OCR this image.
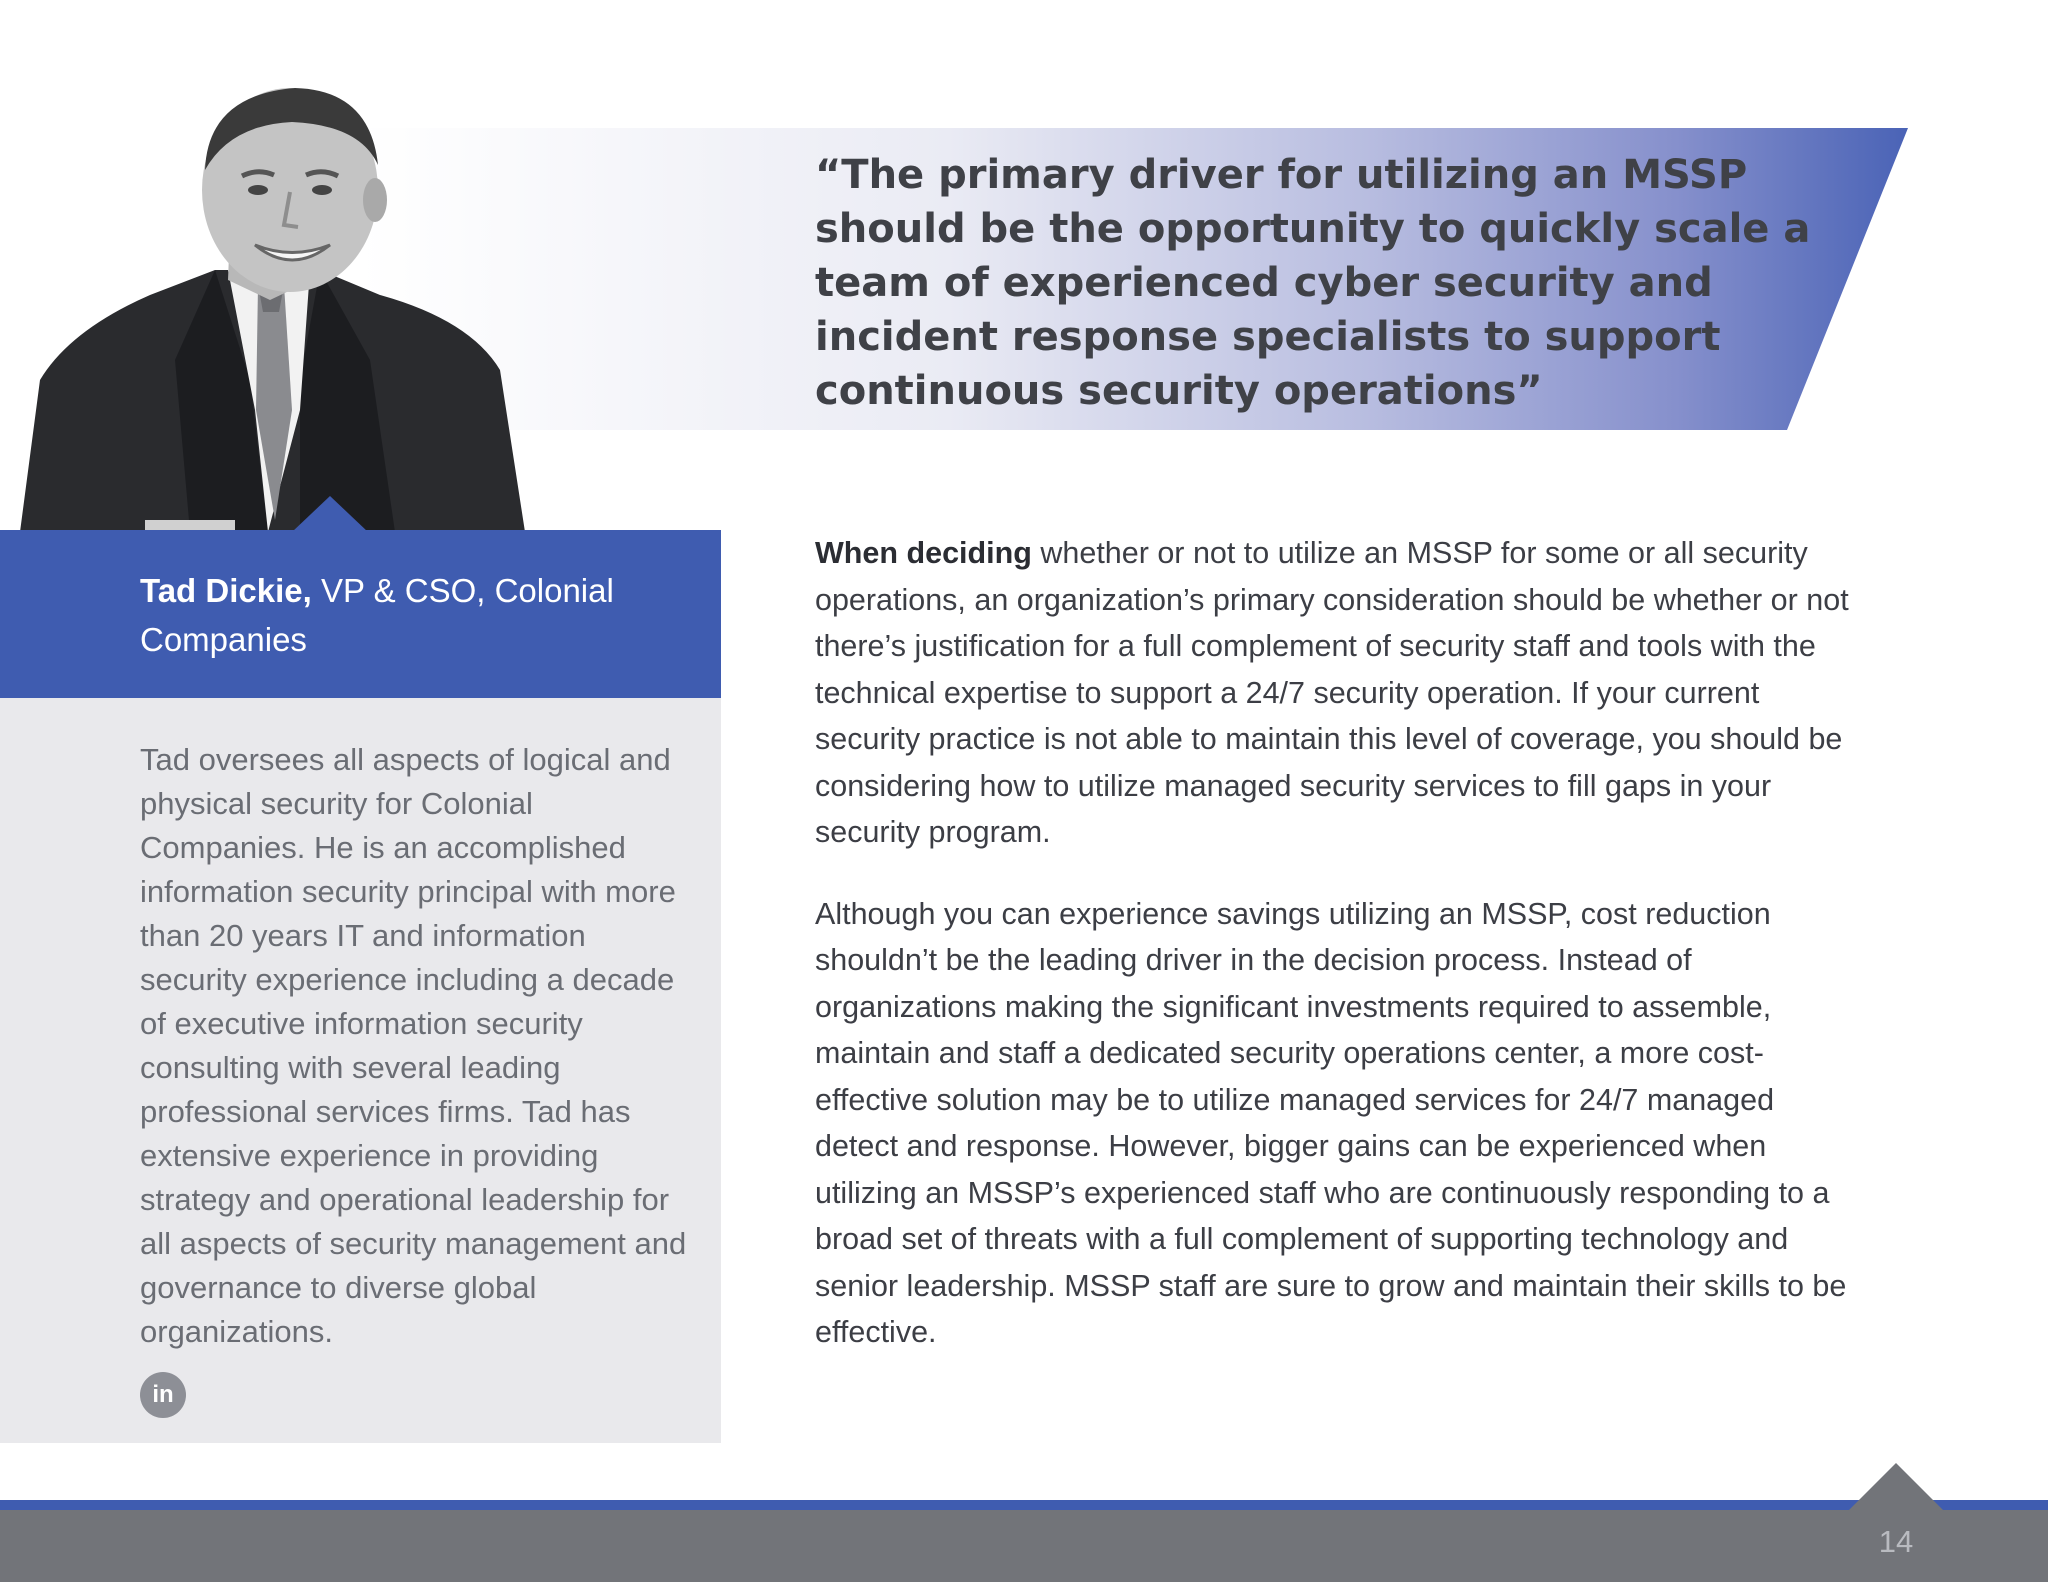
“The primary driver for utilizing an MSSP should be the opportunity to quickly scale a team of experienced cyber security and incident response specialists to support continuous security operations”
Tad Dickie, VP & CSO, Colonial Companies
Tad oversees all aspects of logical and physical security for Colonial Companies. He is an accomplished information security principal with more than 20 years IT and information security experience including a decade of executive information security consulting with several leading professional services firms. Tad has extensive experience in providing strategy and operational leadership for all aspects of security management and governance to diverse global organizations.
in

When deciding whether or not to utilize an MSSP for some or all security operations, an organization’s primary consideration should be whether or not there’s justification for a full complement of security staff and tools with the technical expertise to support a 24/7 security operation. If your current security practice is not able to maintain this level of coverage, you should be considering how to utilize managed security services to fill gaps in your security program.

Although you can experience savings utilizing an MSSP, cost reduction shouldn’t be the leading driver in the decision process. Instead of organizations making the significant investments required to assemble, maintain and staff a dedicated security operations center, a more cost-effective solution may be to utilize managed services for 24/7 managed detect and response. However, bigger gains can be experienced when utilizing an MSSP’s experienced staff who are continuously responding to a broad set of threats with a full complement of supporting technology and senior leadership. MSSP staff are sure to grow and maintain their skills to be effective.

14
